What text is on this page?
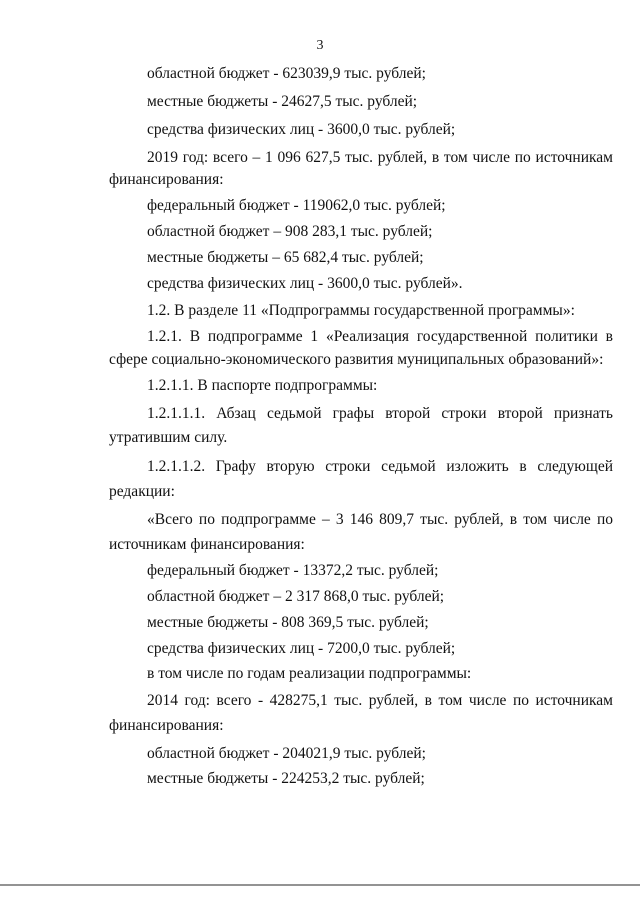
3
областной бюджет - 623039,9 тыс. рублей;
местные бюджеты - 24627,5 тыс. рублей;
средства физических лиц - 3600,0 тыс. рублей;
2019 год: всего – 1 096 627,5 тыс. рублей, в том числе по источникам
финансирования:
федеральный бюджет - 119062,0 тыс. рублей;
областной бюджет – 908 283,1 тыс. рублей;
местные бюджеты – 65 682,4 тыс. рублей;
средства физических лиц - 3600,0 тыс. рублей».
1.2. В разделе 11 «Подпрограммы государственной программы»:
1.2.1. В подпрограмме 1 «Реализация государственной политики в
сфере социально-экономического развития муниципальных образований»:
1.2.1.1. В паспорте подпрограммы:
1.2.1.1.1. Абзац седьмой графы второй строки второй признать
утратившим силу.
1.2.1.1.2. Графу вторую строки седьмой изложить в следующей
редакции:
«Всего по подпрограмме – 3 146 809,7 тыс. рублей, в том числе по
источникам финансирования:
федеральный бюджет - 13372,2 тыс. рублей;
областной бюджет – 2 317 868,0 тыс. рублей;
местные бюджеты - 808 369,5 тыс. рублей;
средства физических лиц - 7200,0 тыс. рублей;
в том числе по годам реализации подпрограммы:
2014 год: всего - 428275,1 тыс. рублей, в том числе по источникам
финансирования:
областной бюджет - 204021,9 тыс. рублей;
местные бюджеты - 224253,2 тыс. рублей;
